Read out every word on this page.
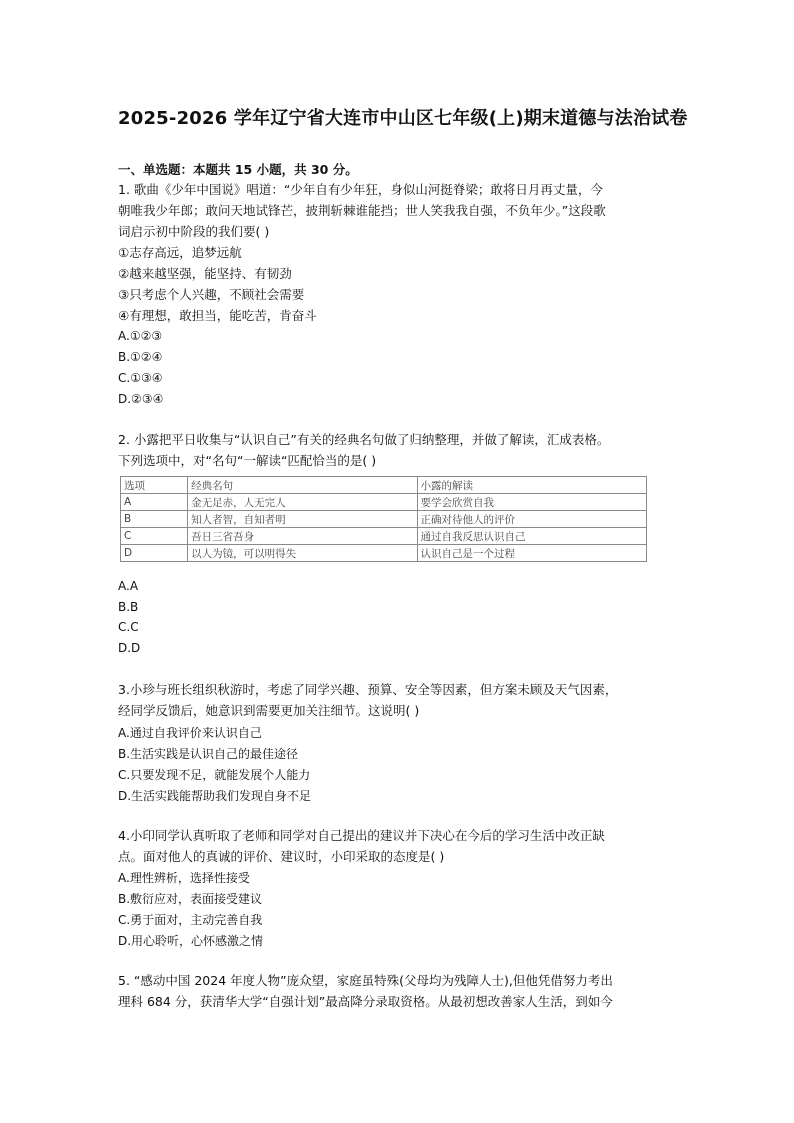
2025-2026 学年辽宁省大连市中山区七年级(上)期末道德与法治试卷
一、单选题：本题共 15 小题，共 30 分。
1. 歌曲《少年中国说》唱道：“少年自有少年狂，身似山河挺脊梁；敢将日月再丈量，今
朝唯我少年郎；敢问天地试锋芒，披荆斩棘谁能挡；世人笑我我自强，不负年少。”这段歌
词启示初中阶段的我们要( )
①志存高远，追梦远航
②越来越坚强，能坚持、有韧劲
③只考虑个人兴趣，不顾社会需要
④有理想，敢担当，能吃苦，肯奋斗
A.①②③
B.①②④
C.①③④
D.②③④
2. 小露把平日收集与“认识自己”有关的经典名句做了归纳整理，并做了解读，汇成表格。
下列选项中，对“名句“一解读“匹配恰当的是( )
选项	经典名句	小露的解读
A	金无足赤，人无完人	要学会欣赏自我
B	知人者智，自知者明	正确对待他人的评价
C	吾日三省吾身	通过自我反思认识自己
D	以人为镜，可以明得失	认识自己是一个过程
A.A
B.B
C.C
D.D
3.小珍与班长组织秋游时，考虑了同学兴趣、预算、安全等因素，但方案未顾及天气因素，
经同学反馈后，她意识到需要更加关注细节。这说明( )
A.通过自我评价来认识自己
B.生活实践是认识自己的最佳途径
C.只要发现不足，就能发展个人能力
D.生活实践能帮助我们发现自身不足
4.小印同学认真听取了老师和同学对自己提出的建议并下决心在今后的学习生活中改正缺
点。面对他人的真诚的评价、建议时，小印采取的态度是( )
A.理性辨析，选择性接受
B.敷衍应对，表面接受建议
C.勇于面对，主动完善自我
D.用心聆听，心怀感激之情
5. “感动中国 2024 年度人物”庞众望，家庭虽特殊(父母均为残障人士),但他凭借努力考出
理科 684 分，获清华大学“自强计划”最高降分录取资格。从最初想改善家人生活，到如今
